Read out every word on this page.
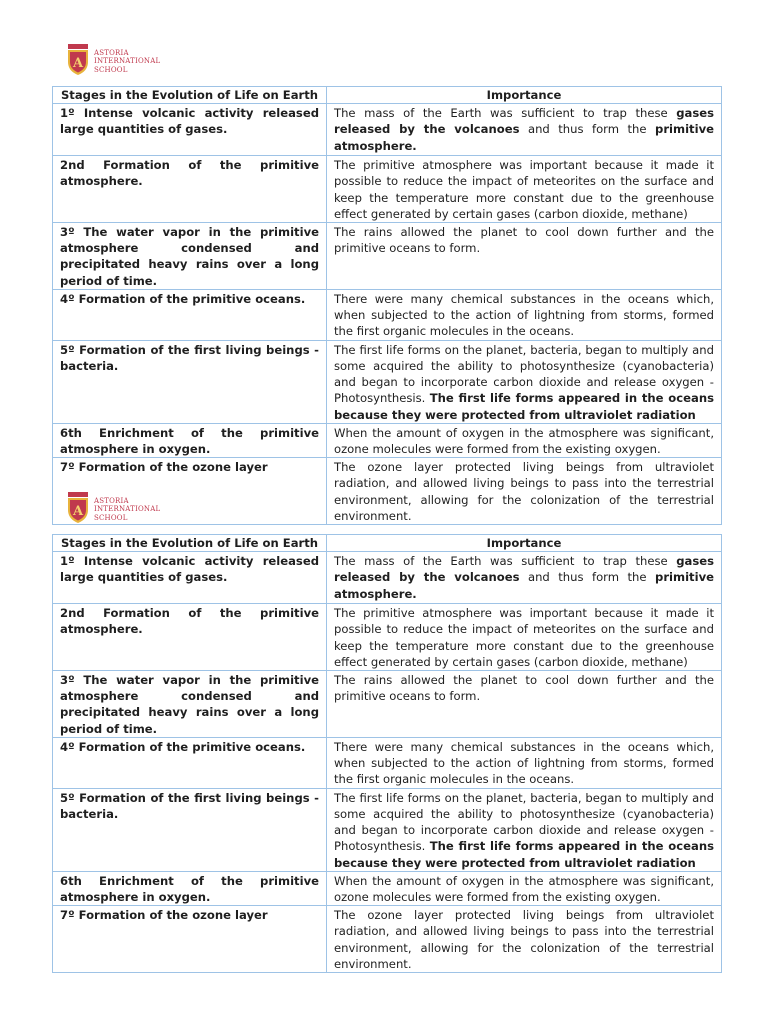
A
ASTORIA
INTERNATIONAL
SCHOOL
Stages in the Evolution of Life on Earth	Importance
1º Intense volcanic activity released large quantities of gases.	The mass of the Earth was sufficient to trap these gases released by the volcanoes and thus form the primitive atmosphere.
2nd Formation of the primitive atmosphere.	The primitive atmosphere was important because it made it possible to reduce the impact of meteorites on the surface and keep the temperature more constant due to the greenhouse effect generated by certain gases (carbon dioxide, methane)
3º The water vapor in the primitive atmosphere condensed and precipitated heavy rains over a long period of time.	The rains allowed the planet to cool down further and the primitive oceans to form.
4º Formation of the primitive oceans.	There were many chemical substances in the oceans which, when subjected to the action of lightning from storms, formed the first organic molecules in the oceans.
5º Formation of the first living beings - bacteria.	The first life forms on the planet, bacteria, began to multiply and some acquired the ability to photosynthesize (cyanobacteria) and began to incorporate carbon dioxide and release oxygen - Photosynthesis. The first life forms appeared in the oceans because they were protected from ultraviolet radiation
6th Enrichment of the primitive atmosphere in oxygen.	When the amount of oxygen in the atmosphere was significant, ozone molecules were formed from the existing oxygen.
7º Formation of the ozone layer	The ozone layer protected living beings from ultraviolet radiation, and allowed living beings to pass into the terrestrial environment, allowing for the colonization of the terrestrial environment.
A
ASTORIA
INTERNATIONAL
SCHOOL
Stages in the Evolution of Life on Earth	Importance
1º Intense volcanic activity released large quantities of gases.	The mass of the Earth was sufficient to trap these gases released by the volcanoes and thus form the primitive atmosphere.
2nd Formation of the primitive atmosphere.	The primitive atmosphere was important because it made it possible to reduce the impact of meteorites on the surface and keep the temperature more constant due to the greenhouse effect generated by certain gases (carbon dioxide, methane)
3º The water vapor in the primitive atmosphere condensed and precipitated heavy rains over a long period of time.	The rains allowed the planet to cool down further and the primitive oceans to form.
4º Formation of the primitive oceans.	There were many chemical substances in the oceans which, when subjected to the action of lightning from storms, formed the first organic molecules in the oceans.
5º Formation of the first living beings - bacteria.	The first life forms on the planet, bacteria, began to multiply and some acquired the ability to photosynthesize (cyanobacteria) and began to incorporate carbon dioxide and release oxygen - Photosynthesis. The first life forms appeared in the oceans because they were protected from ultraviolet radiation
6th Enrichment of the primitive atmosphere in oxygen.	When the amount of oxygen in the atmosphere was significant, ozone molecules were formed from the existing oxygen.
7º Formation of the ozone layer	The ozone layer protected living beings from ultraviolet radiation, and allowed living beings to pass into the terrestrial environment, allowing for the colonization of the terrestrial environment.
